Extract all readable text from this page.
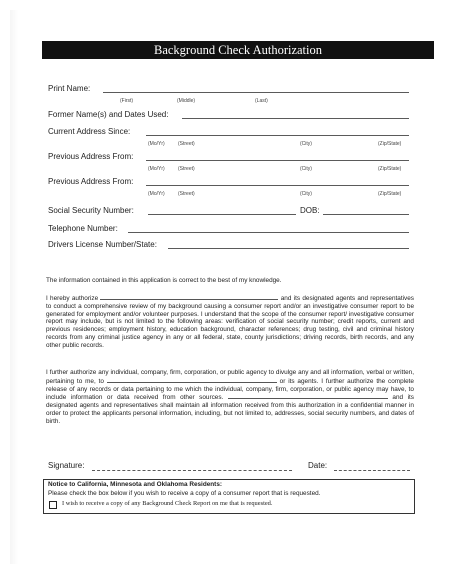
Background Check Authorization
Print Name:
(First)	(Middle)	(Last)
Former Name(s) and Dates Used:
Current Address Since:
(Mo/Yr)	(Street)	(City)	(Zip/State)
Previous Address From:
(Mo/Yr)	(Street)	(City)	(Zip/State)
Previous Address From:
(Mo/Yr)	(Street)	(City)	(Zip/State)
Social Security Number:	DOB:
Telephone Number:
Drivers License Number/State:
The information contained in this application is correct to the best of my knowledge.
I hereby authorize	and its designated agents and representatives to conduct a comprehensive review of my background causing a consumer report and/or an investigative consumer report to be generated for employment and/or volunteer purposes. I understand that the scope of the consumer report/ investigative consumer report may include, but is not limited to the following areas: verification of social security number; credit reports, current and previous residences; employment history, education background, character references; drug testing, civil and criminal history records from any criminal justice agency in any or all federal, state, county jurisdictions; driving records, birth records, and any other public records.
I further authorize any individual, company, firm, corporation, or public agency to divulge any and all information, verbal or written, pertaining to me, to	or its agents. I further authorize the complete release of any records or data pertaining to me which the individual, company, firm, corporation, or public agency may have, to include information or data received from other sources.	and its designated agents and representatives shall maintain all information received from this authorization in a confidential manner in order to protect the applicants personal information, including, but not limited to, addresses, social security numbers, and dates of birth.
Signature:	Date:
Notice to California, Minnesota and Oklahoma Residents:
Please check the box below if you wish to receive a copy of a consumer report that is requested.
I wish to receive a copy of any Background Check Report on me that is requested.
